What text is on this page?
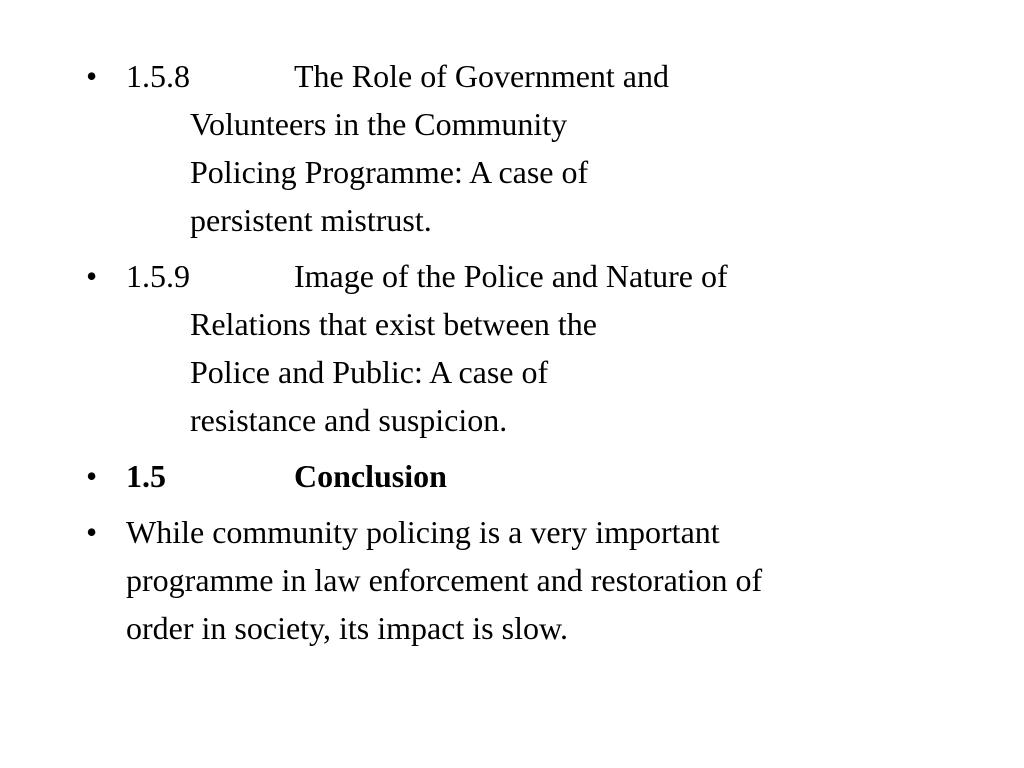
• 1.5.8	The Role of Government and
Volunteers in the Community
Policing Programme: A case of
persistent mistrust.
• 1.5.9	Image of the Police and Nature of
Relations that exist between the
Police and Public: A case of
resistance and suspicion.
• 1.5	Conclusion
• While community policing is a very important
programme in law enforcement and restoration of
order in society, its impact is slow.
